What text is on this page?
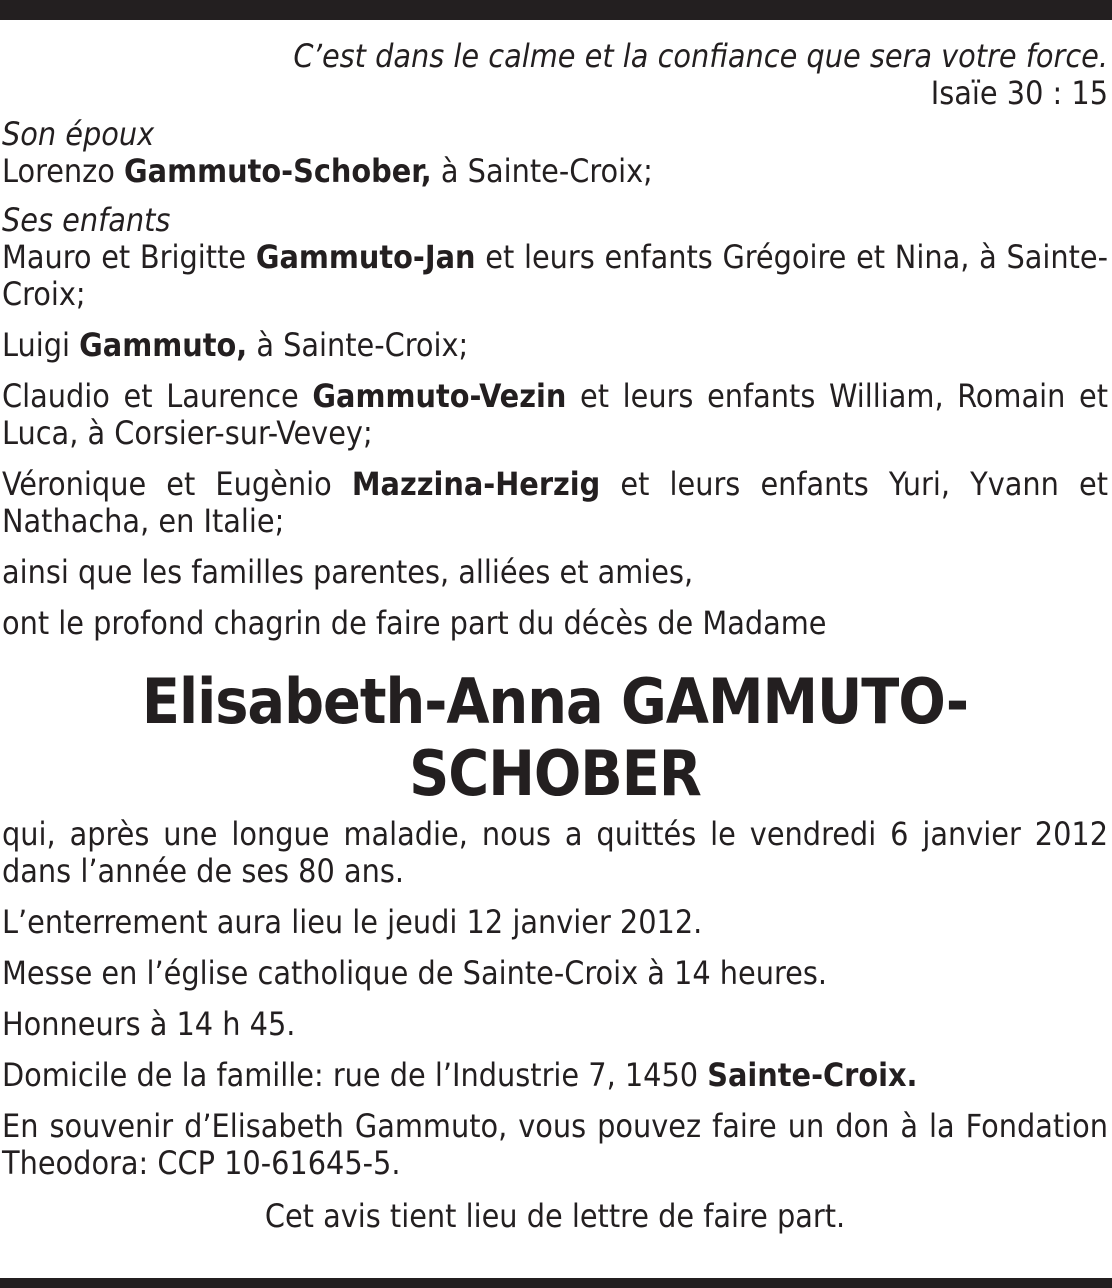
C’est dans le calme et la confiance que sera votre force.

Isaïe 30 : 15

Son époux

Lorenzo Gammuto-Schober, à Sainte-Croix;

Ses enfants

Mauro et Brigitte Gammuto-Jan et leurs enfants Grégoire et Nina, à Sainte-Croix;

Luigi Gammuto, à Sainte-Croix;

Claudio et Laurence Gammuto-Vezin et leurs enfants William, Romain et Luca, à Corsier-sur-Vevey;

Véronique et Eugènio Mazzina-Herzig et leurs enfants Yuri, Yvann et Nathacha, en Italie;

ainsi que les familles parentes, alliées et amies,

ont le profond chagrin de faire part du décès de Madame

Elisabeth-Anna GAMMUTO-SCHOBER

qui, après une longue maladie, nous a quittés le vendredi 6 janvier 2012 dans l’année de ses 80 ans.

L’enterrement aura lieu le jeudi 12 janvier 2012.

Messe en l’église catholique de Sainte-Croix à 14 heures.

Honneurs à 14 h 45.

Domicile de la famille: rue de l’Industrie 7, 1450 Sainte-Croix.

En souvenir d’Elisabeth Gammuto, vous pouvez faire un don à la Fondation Theodora: CCP 10-61645-5.

Cet avis tient lieu de lettre de faire part.
